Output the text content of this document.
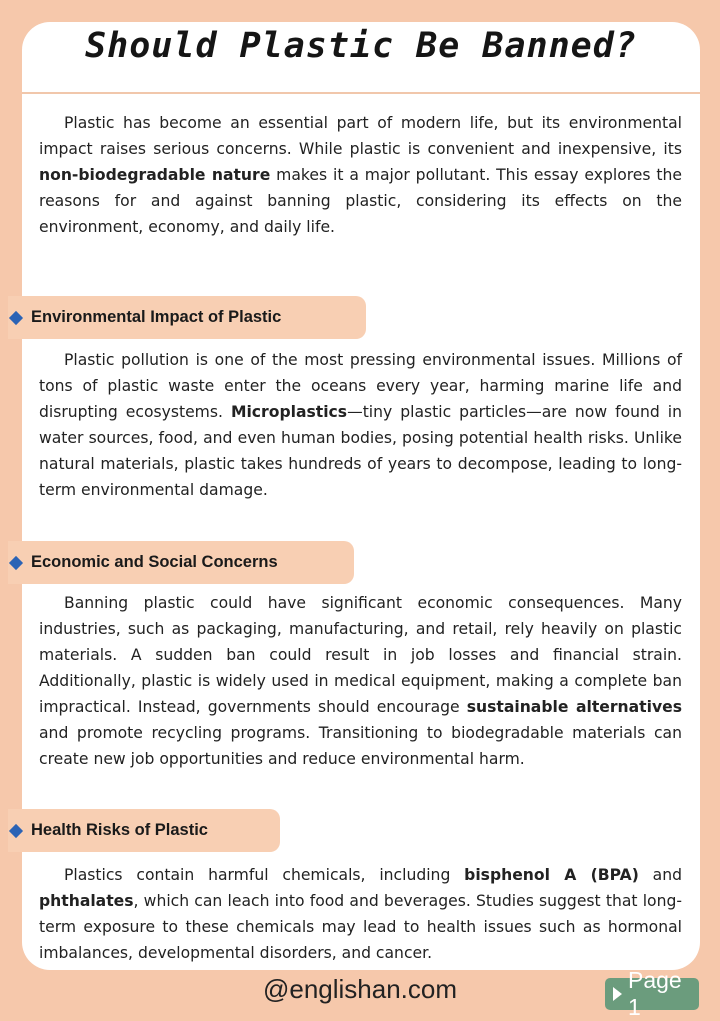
Should Plastic Be Banned?

Plastic has become an essential part of modern life, but its environmental impact raises serious concerns. While plastic is convenient and inexpensive, its non-biodegradable nature makes it a major pollutant. This essay explores the reasons for and against banning plastic, considering its effects on the environment, economy, and daily life.

Environmental Impact of Plastic

Plastic pollution is one of the most pressing environmental issues. Millions of tons of plastic waste enter the oceans every year, harming marine life and disrupting ecosystems. Microplastics—tiny plastic particles—are now found in water sources, food, and even human bodies, posing potential health risks. Unlike natural materials, plastic takes hundreds of years to decompose, leading to long-term environmental damage.

Economic and Social Concerns

Banning plastic could have significant economic consequences. Many industries, such as packaging, manufacturing, and retail, rely heavily on plastic materials. A sudden ban could result in job losses and financial strain. Additionally, plastic is widely used in medical equipment, making a complete ban impractical. Instead, governments should encourage sustainable alternatives and promote recycling programs. Transitioning to biodegradable materials can create new job opportunities and reduce environmental harm.

Health Risks of Plastic

Plastics contain harmful chemicals, including bisphenol A (BPA) and phthalates, which can leach into food and beverages. Studies suggest that long-term exposure to these chemicals may lead to health issues such as hormonal imbalances, developmental disorders, and cancer.

@englishan.com	Page 1
